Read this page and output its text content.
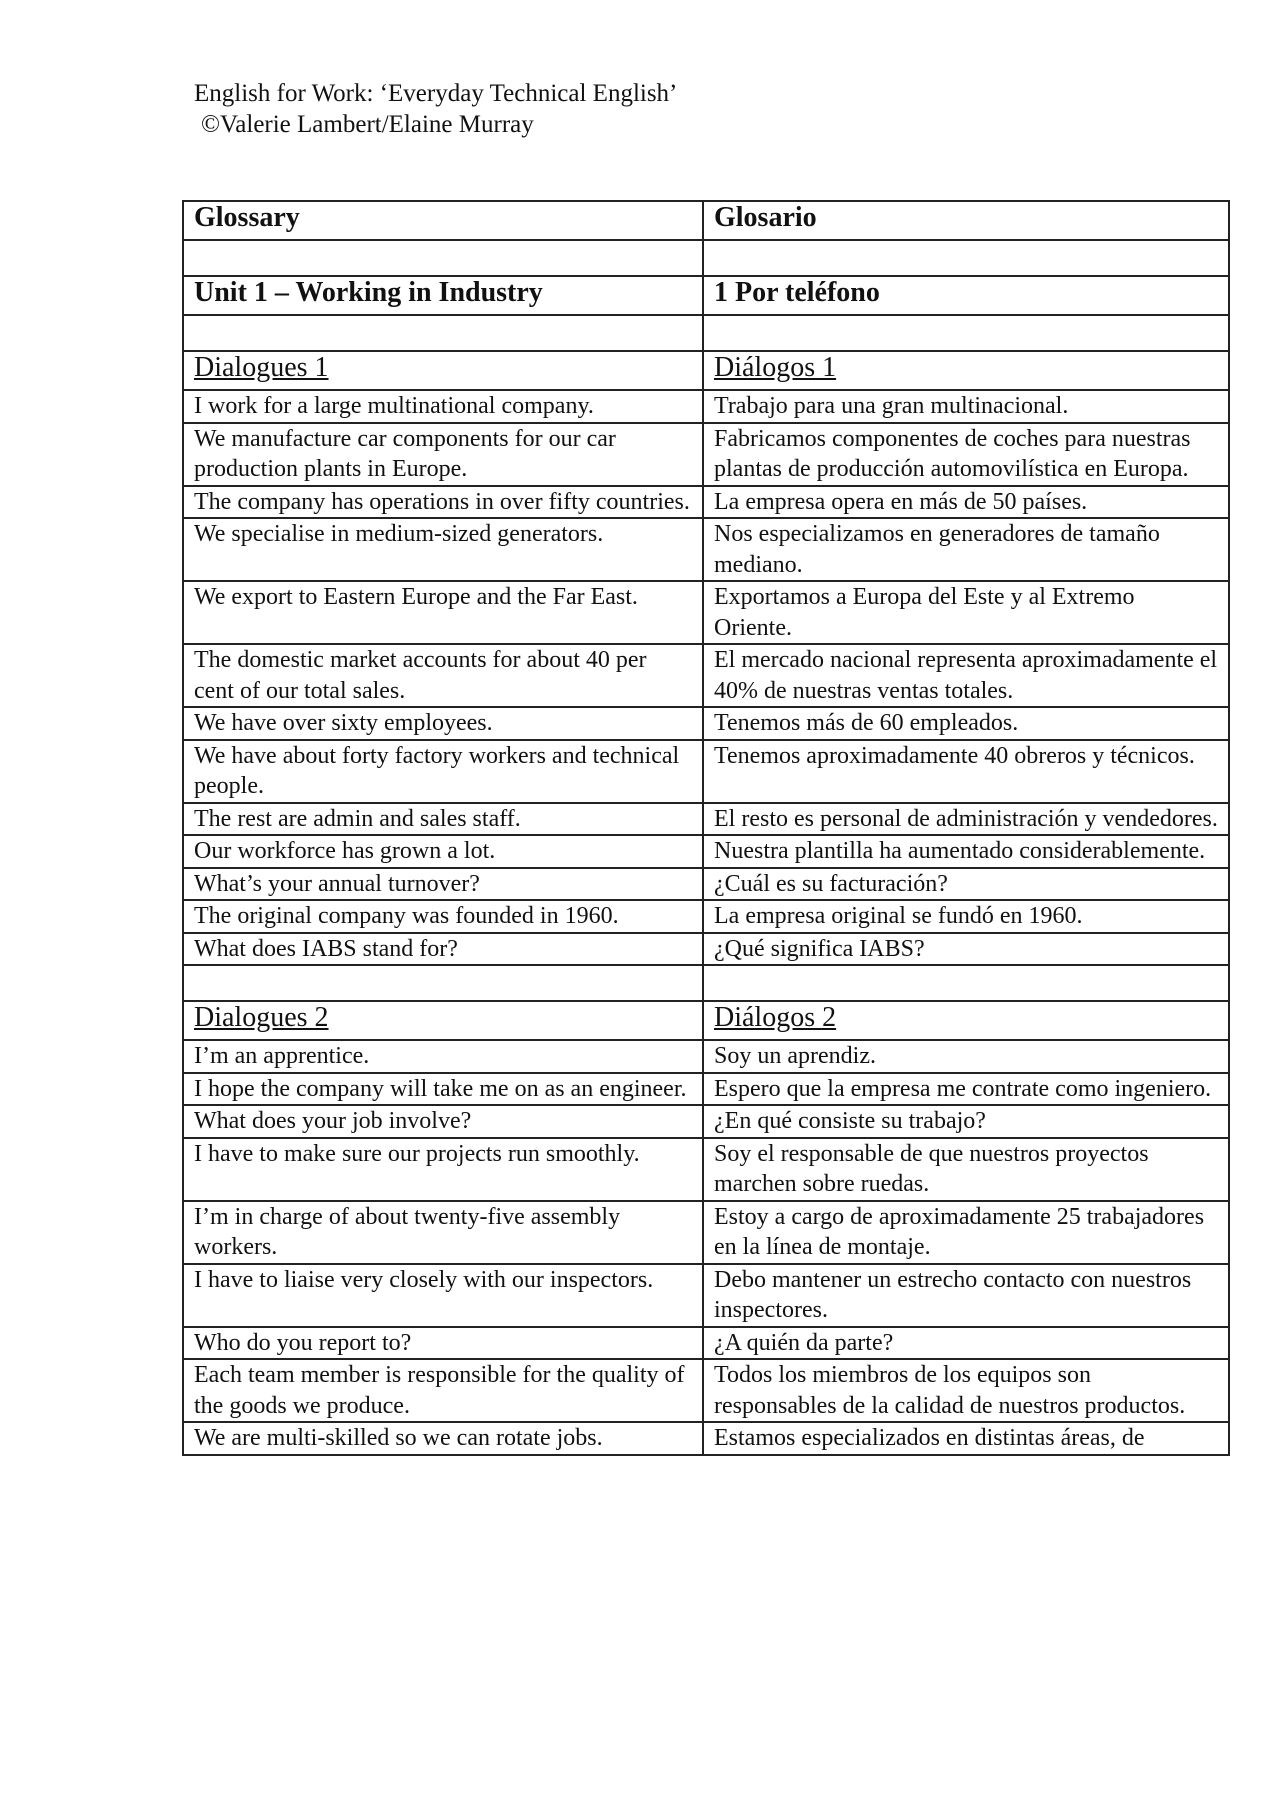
English for Work: ‘Everyday Technical English’
©Valerie Lambert/Elaine Murray
Glossary	Glosario

Unit 1 – Working in Industry	1 Por teléfono

Dialogues 1	Diálogos 1
I work for a large multinational company.	Trabajo para una gran multinacional.
We manufacture car components for our car production plants in Europe.	Fabricamos componentes de coches para nuestras plantas de producción automovilística en Europa.
The company has operations in over fifty countries.	La empresa opera en más de 50 países.
We specialise in medium-sized generators.	Nos especializamos en generadores de tamaño mediano.
We export to Eastern Europe and the Far East.	Exportamos a Europa del Este y al Extremo Oriente.
The domestic market accounts for about 40 per cent of our total sales.	El mercado nacional representa aproximadamente el 40% de nuestras ventas totales.
We have over sixty employees.	Tenemos más de 60 empleados.
We have about forty factory workers and technical people.	Tenemos aproximadamente 40 obreros y técnicos.
The rest are admin and sales staff.	El resto es personal de administración y vendedores.
Our workforce has grown a lot.	Nuestra plantilla ha aumentado considerablemente.
What’s your annual turnover?	¿Cuál es su facturación?
The original company was founded in 1960.	La empresa original se fundó en 1960.
What does IABS stand for?	¿Qué significa IABS?

Dialogues 2	Diálogos 2
I’m an apprentice.	Soy un aprendiz.
I hope the company will take me on as an engineer.	Espero que la empresa me contrate como ingeniero.
What does your job involve?	¿En qué consiste su trabajo?
I have to make sure our projects run smoothly.	Soy el responsable de que nuestros proyectos marchen sobre ruedas.
I’m in charge of about twenty-five assembly workers.	Estoy a cargo de aproximadamente 25 trabajadores en la línea de montaje.
I have to liaise very closely with our inspectors.	Debo mantener un estrecho contacto con nuestros inspectores.
Who do you report to?	¿A quién da parte?
Each team member is responsible for the quality of the goods we produce.	Todos los miembros de los equipos son responsables de la calidad de nuestros productos.
We are multi-skilled so we can rotate jobs.	Estamos especializados en distintas áreas, de
